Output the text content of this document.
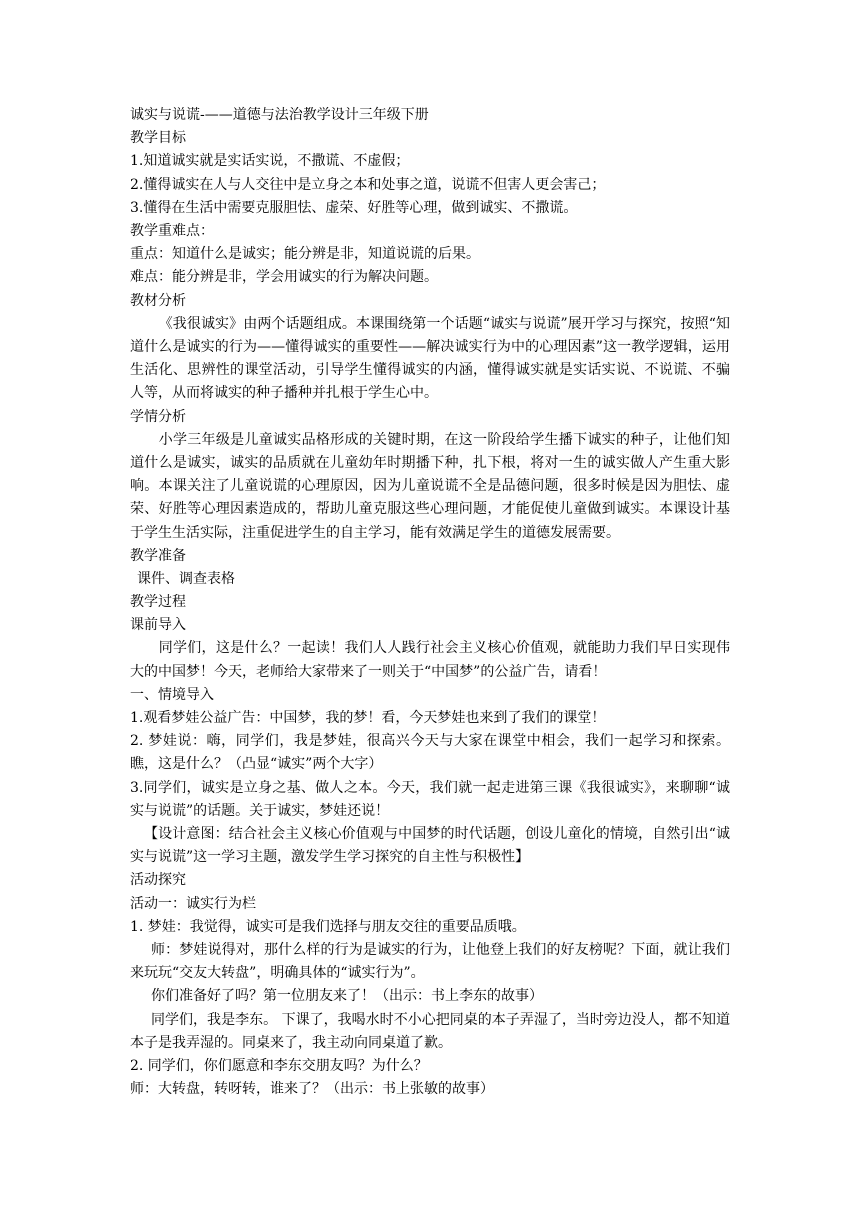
诚实与说谎-——道德与法治教学设计三年级下册
教学目标
1.知道诚实就是实话实说，不撒谎、不虚假；
2.懂得诚实在人与人交往中是立身之本和处事之道，说谎不但害人更会害己；
3.懂得在生活中需要克服胆怯、虚荣、好胜等心理，做到诚实、不撒谎。
教学重难点：
重点：知道什么是诚实；能分辨是非，知道说谎的后果。
难点：能分辨是非，学会用诚实的行为解决问题。
教材分析
《我很诚实》由两个话题组成。本课围绕第一个话题“诚实与说谎”展开学习与探究，按照“知道什么是诚实的行为——懂得诚实的重要性——解决诚实行为中的心理因素”这一教学逻辑，运用生活化、思辨性的课堂活动，引导学生懂得诚实的内涵，懂得诚实就是实话实说、不说谎、不骗人等，从而将诚实的种子播种并扎根于学生心中。
学情分析
小学三年级是儿童诚实品格形成的关键时期，在这一阶段给学生播下诚实的种子，让他们知道什么是诚实，诚实的品质就在儿童幼年时期播下种，扎下根，将对一生的诚实做人产生重大影响。本课关注了儿童说谎的心理原因，因为儿童说谎不全是品德问题，很多时候是因为胆怯、虚荣、好胜等心理因素造成的，帮助儿童克服这些心理问题，才能促使儿童做到诚实。本课设计基于学生生活实际，注重促进学生的自主学习，能有效满足学生的道德发展需要。
教学准备
课件、调查表格
教学过程
课前导入
同学们，这是什么？一起读！我们人人践行社会主义核心价值观，就能助力我们早日实现伟大的中国梦！今天，老师给大家带来了一则关于“中国梦”的公益广告，请看！
一、情境导入
1.观看梦娃公益广告：中国梦，我的梦！看，今天梦娃也来到了我们的课堂！
2. 梦娃说：嗨，同学们，我是梦娃，很高兴今天与大家在课堂中相会，我们一起学习和探索。瞧，这是什么？（凸显“诚实”两个大字）
3.同学们，诚实是立身之基、做人之本。今天，我们就一起走进第三课《我很诚实》，来聊聊“诚实与说谎”的话题。关于诚实，梦娃还说！
【设计意图：结合社会主义核心价值观与中国梦的时代话题，创设儿童化的情境，自然引出“诚实与说谎”这一学习主题，激发学生学习探究的自主性与积极性】
活动探究
活动一：诚实行为栏
1. 梦娃：我觉得，诚实可是我们选择与朋友交往的重要品质哦。
师：梦娃说得对，那什么样的行为是诚实的行为，让他登上我们的好友榜呢？下面，就让我们来玩玩“交友大转盘”，明确具体的“诚实行为”。
你们准备好了吗？第一位朋友来了！（出示：书上李东的故事）
同学们，我是李东。 下课了，我喝水时不小心把同桌的本子弄湿了，当时旁边没人，都不知道本子是我弄湿的。同桌来了，我主动向同桌道了歉。
2. 同学们，你们愿意和李东交朋友吗？为什么？
师：大转盘，转呀转，谁来了？（出示：书上张敏的故事）
